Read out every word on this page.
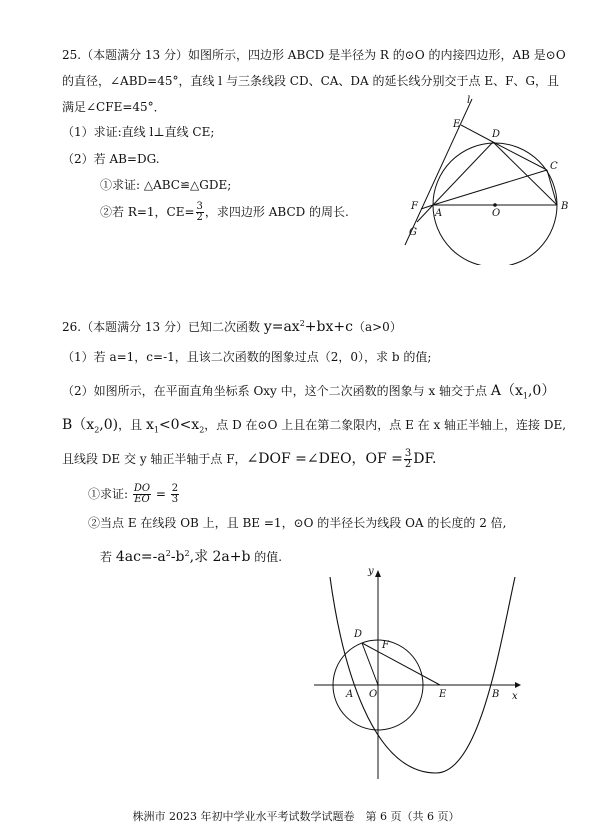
25.（本题满分 13 分）如图所示，四边形 ABCD 是半径为 R 的⊙O 的内接四边形，AB 是⊙O
的直径，∠ABD=45°，直线 l 与三条线段 CD、CA、DA 的延长线分别交于点 E、F、G，且
满足∠CFE=45°．
（1）求证:直线 l⊥直线 CE;
（2）若 AB=DG.
①求证: △ABC≌△GDE;
②若 R=1，$CE= \frac{3}{2}$ ，求四边形 ABCD 的周长.
l
E
D
C
F
A	O
B
G
26.（本题满分 13 分）已知二次函数 $y=ax^2+bx+c(a>0)$
（1）若 a=1，c=-1，且该二次函数的图象过点（2，0），求 b 的值;
（2）如图所示，在平面直角坐标系 Oxy 中，这个二次函数的图象与 x 轴交于点 $A(x_1,0)$
$B(x_2,0)$，且 $x_1<0<x_2$，点 D 在⊙O 上且在第二象限内，点 E 在 x 轴正半轴上，连接 DE,
且线段 DE 交 y 轴正半轴于点 F，∠DOF =∠DEO，OF = $\frac{3}{2}$ DF.
①求证: $\frac{DO}{EO} = \frac{2}{3}$
②当点 E 在线段 OB 上，且 BE =1，⊙O 的半径长为线段 OA 的长度的 2 倍,
若 $4ac=-a^2-b^2$,求 2a+b 的值.
y
x
D
F
A O	E	B
株洲市 2023 年初中学业水平考试数学试题卷　第 6 页（共 6 页）
